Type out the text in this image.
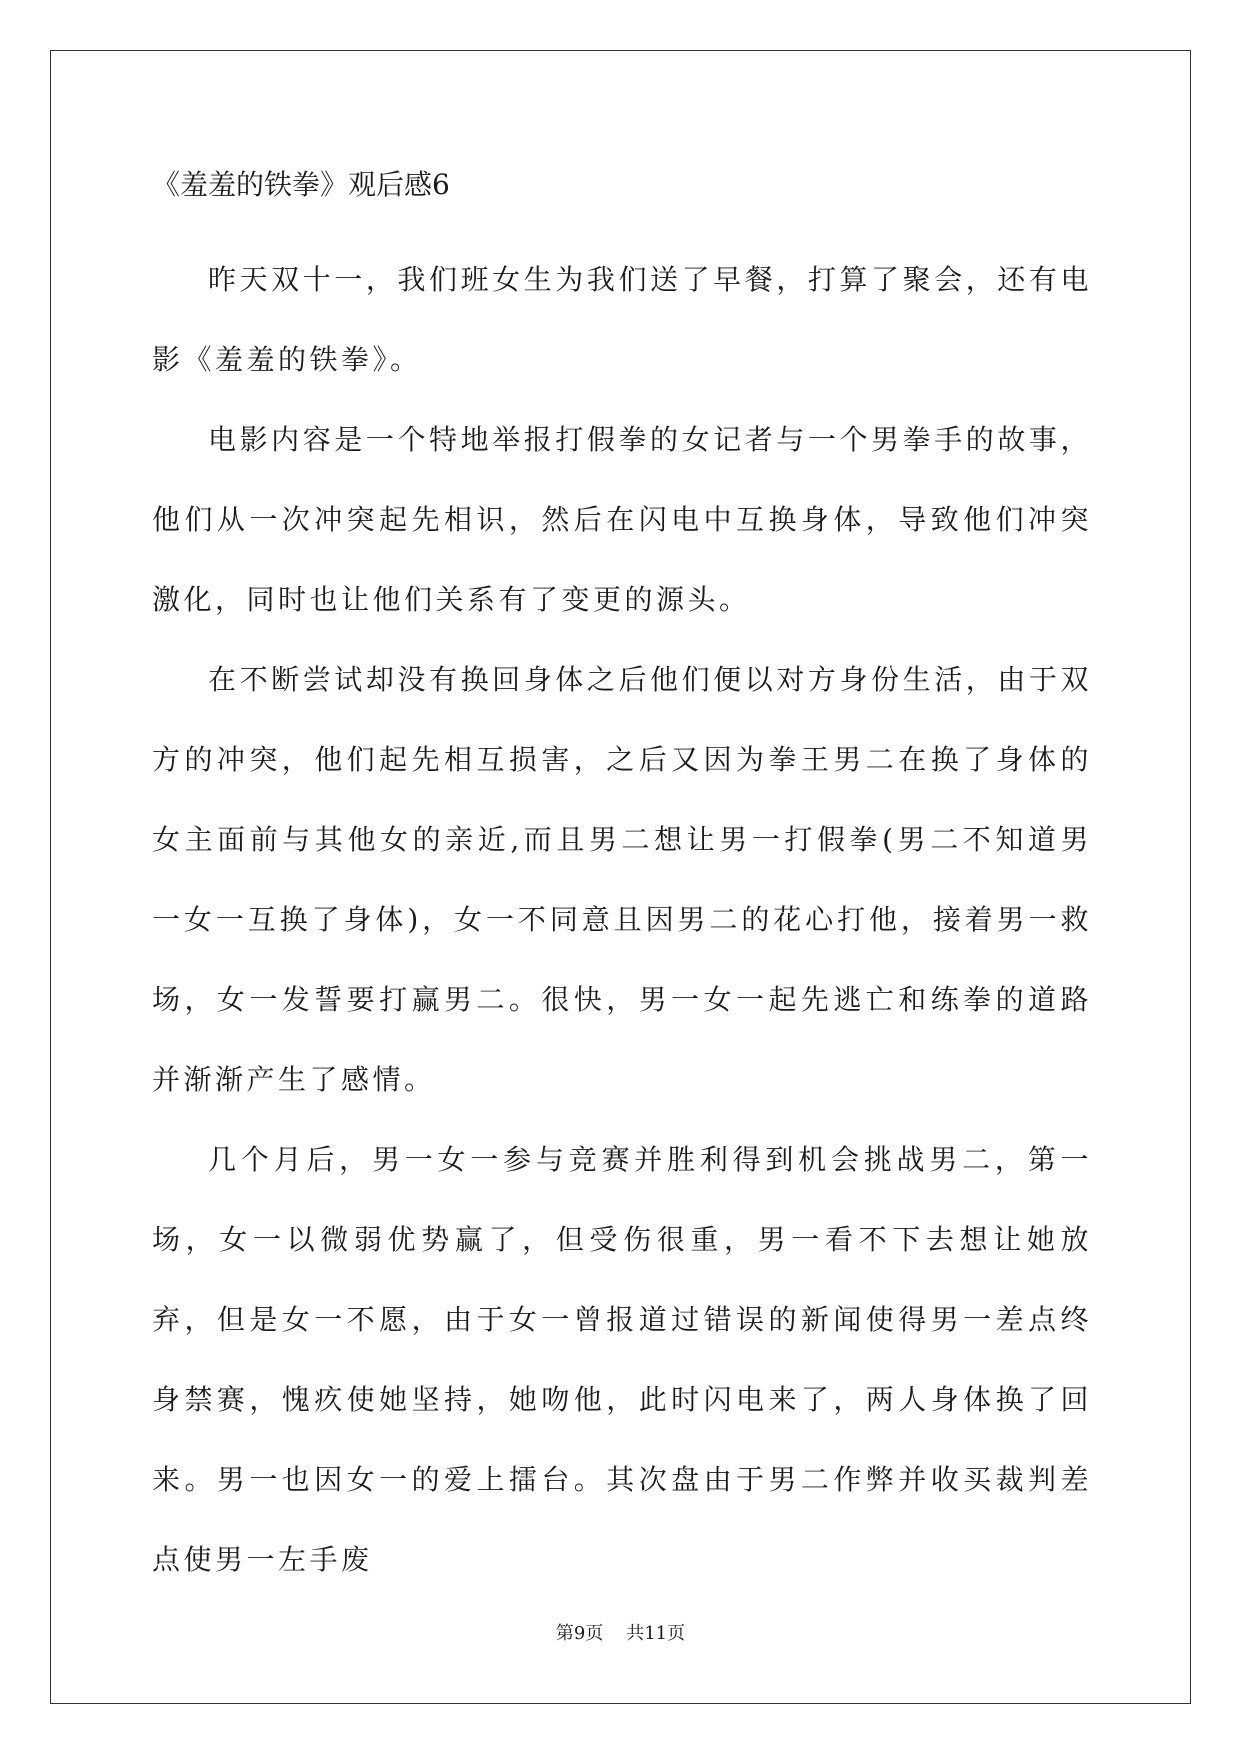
《羞羞的铁拳》观后感6

昨天双十一，我们班女生为我们送了早餐，打算了聚会，还有电影《羞羞的铁拳》。

电影内容是一个特地举报打假拳的女记者与一个男拳手的故事，他们从一次冲突起先相识，然后在闪电中互换身体，导致他们冲突激化，同时也让他们关系有了变更的源头。

在不断尝试却没有换回身体之后他们便以对方身份生活，由于双方的冲突，他们起先相互损害，之后又因为拳王男二在换了身体的女主面前与其他女的亲近,而且男二想让男一打假拳(男二不知道男一女一互换了身体)，女一不同意且因男二的花心打他，接着男一救场，女一发誓要打赢男二。很快，男一女一起先逃亡和练拳的道路并渐渐产生了感情。

几个月后，男一女一参与竞赛并胜利得到机会挑战男二，第一场，女一以微弱优势赢了，但受伤很重，男一看不下去想让她放弃，但是女一不愿，由于女一曾报道过错误的新闻使得男一差点终身禁赛，愧疚使她坚持，她吻他，此时闪电来了，两人身体换了回来。男一也因女一的爱上擂台。其次盘由于男二作弊并收买裁判差点使男一左手废

第9页 共11页
